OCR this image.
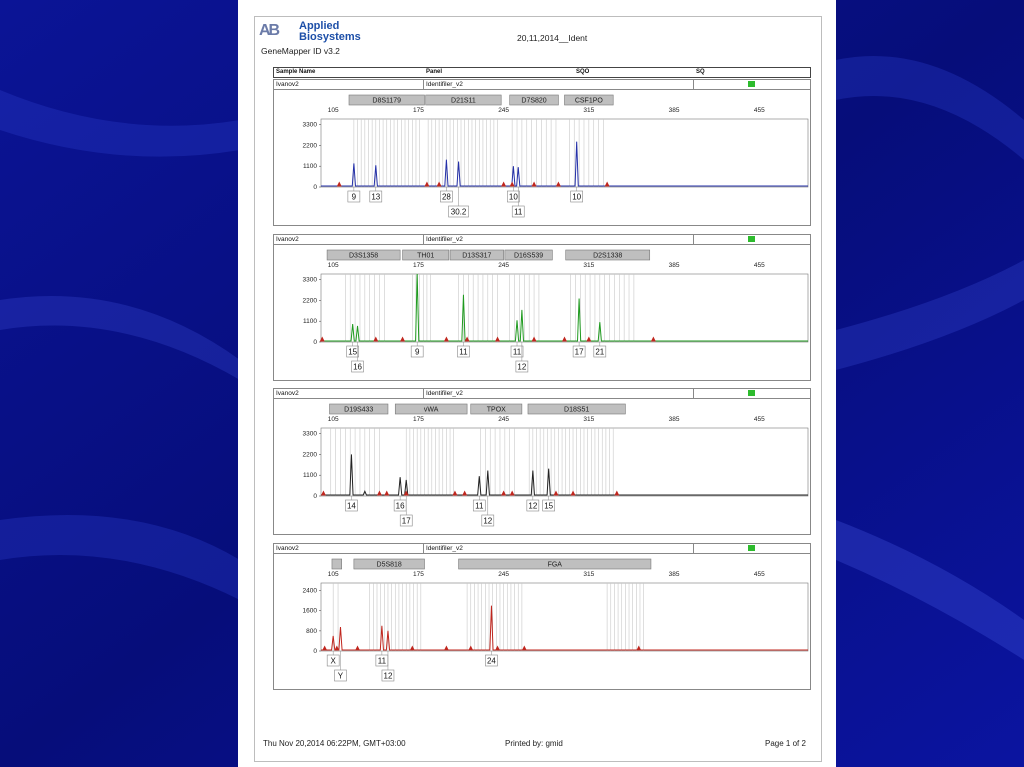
AB	Applied
Biosystems
GeneMapper ID v3.2
20,11,2014__Ident
Sample Name	Panel	SQO	SQ
Ivanov2	Identifiler_v2
D8S1179	D21S11	D7S820	CSF1PO
105	175	245	315	385	455
0
1100
2200
3300
9 13	28
30.2
10
11
10
Ivanov2	Identifiler_v2
D3S1358	TH01	D13S317	D16S539	D2S1338
105	175	245	315	385	455
0
1100
2200
3300
15
16
9	11	11
12
17 21
Ivanov2	Identifiler_v2
D19S433	vWA	TPOX	D18S51
105	175	245	315	385	455
0
1100
2200
3300
14	16
17
11
12
12 15
Ivanov2	Identifiler_v2
D5S818	FGA
105	175	245	315	385	455
0
800
1600
2400
X
Y
11
12
24
Thu Nov 20,2014 06:22PM, GMT+03:00	Printed by: gmid	Page 1 of 2
